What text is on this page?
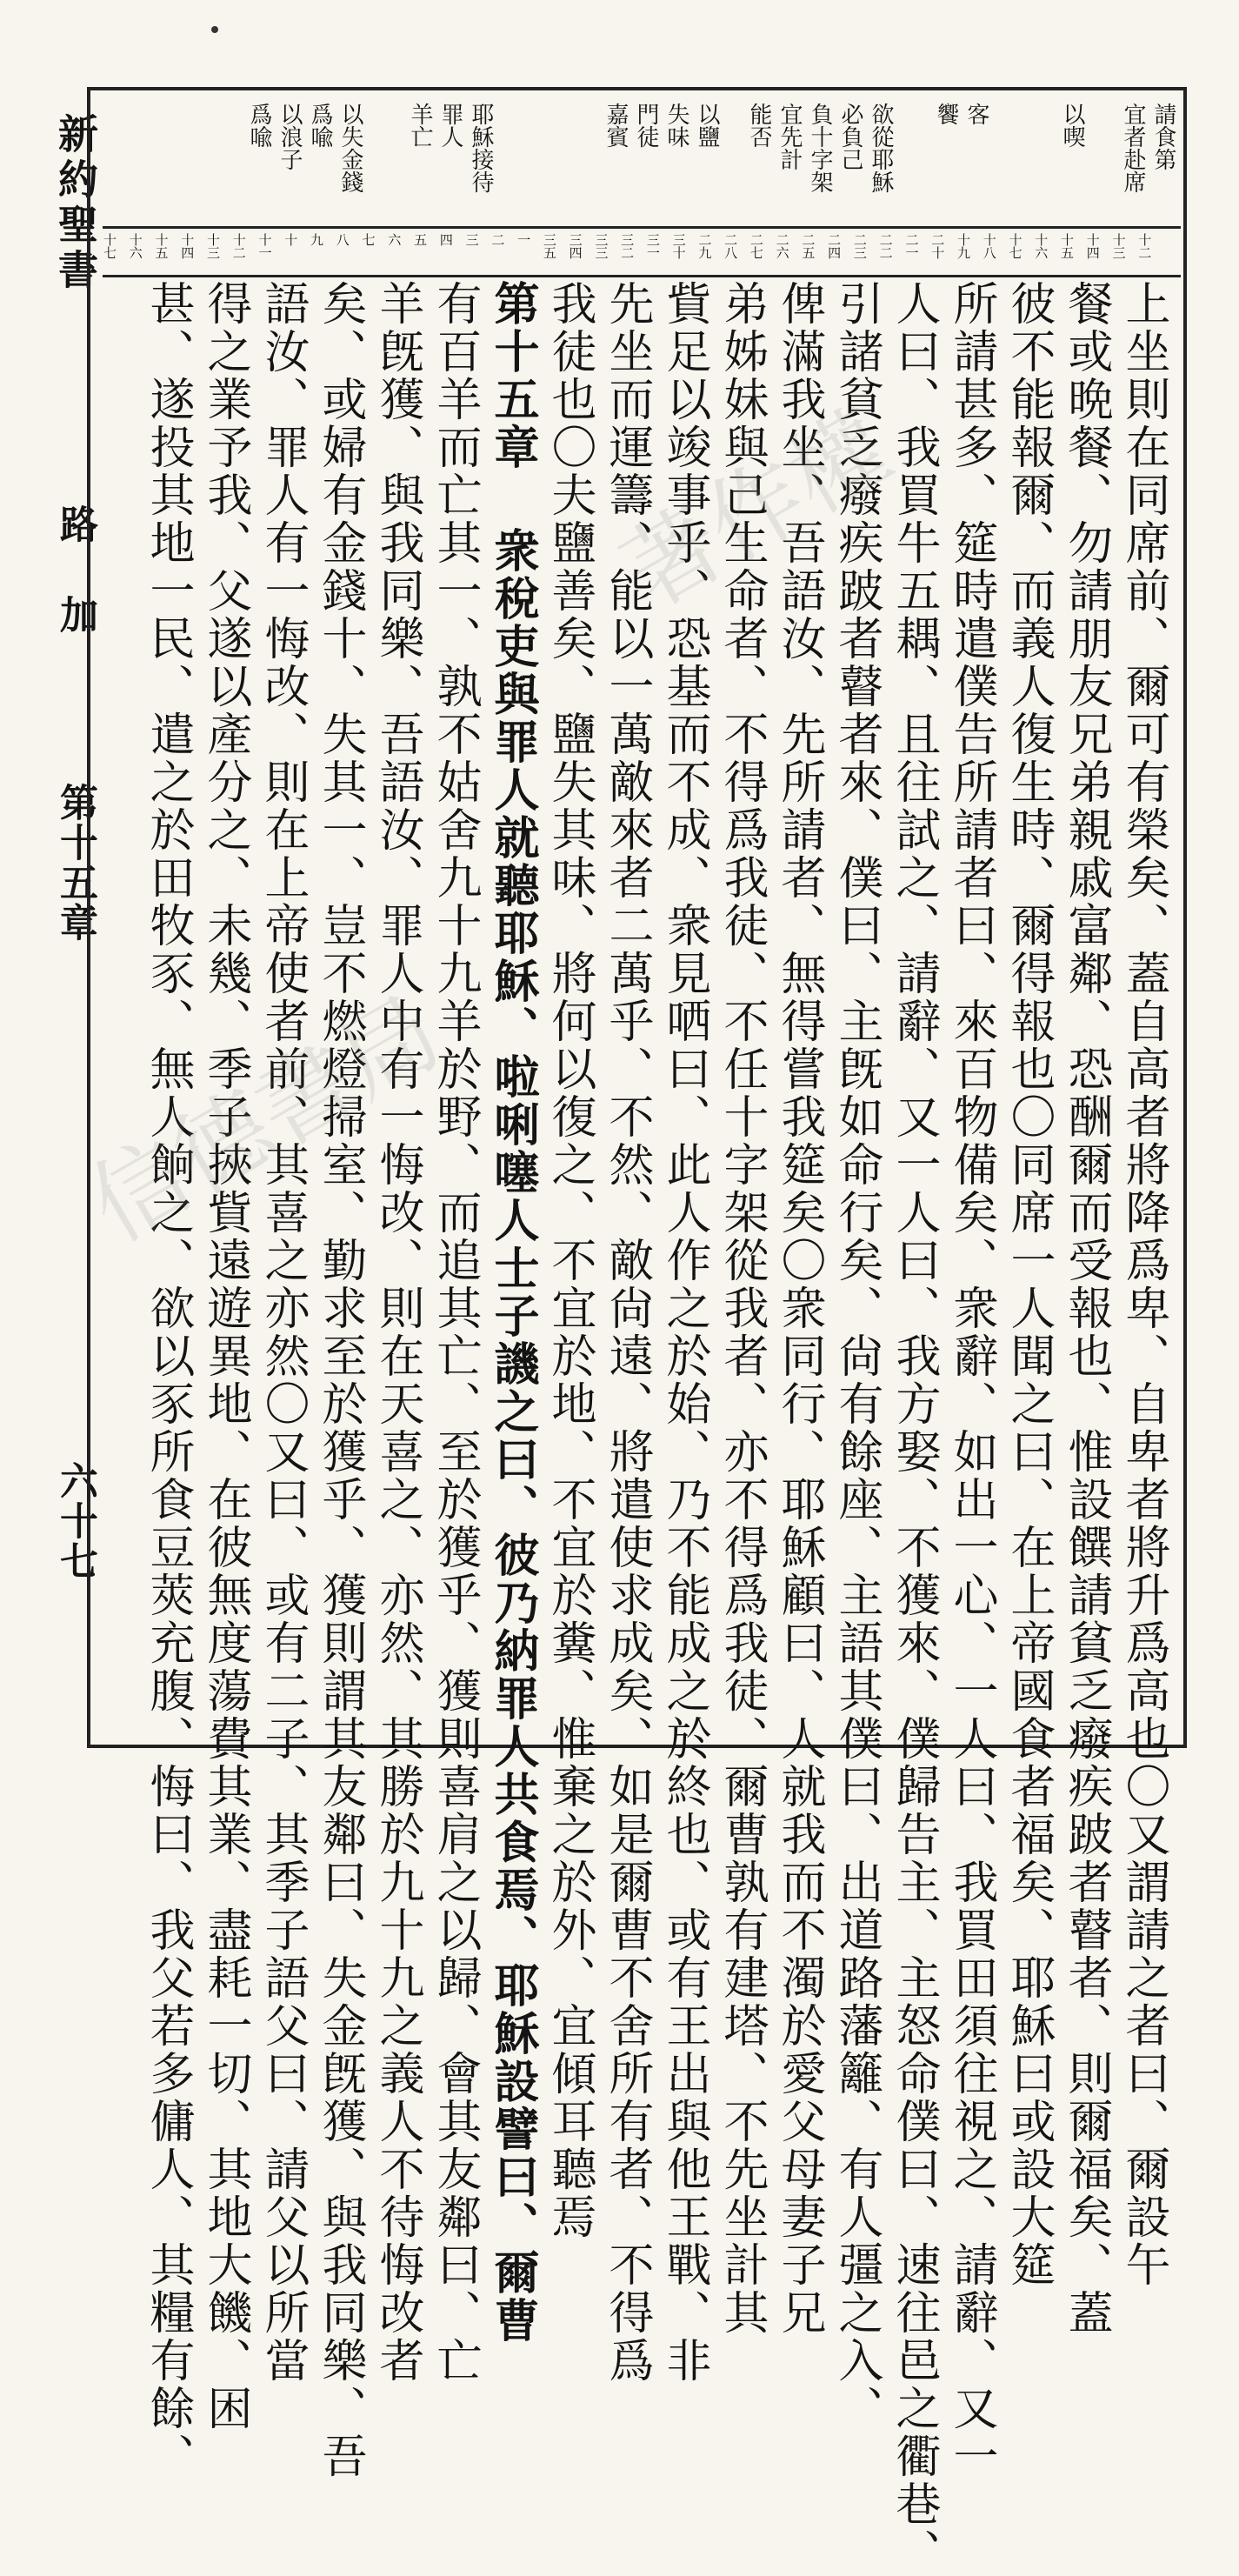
新約聖書
路加
第十五章
六十七
宜者赴席 請食第
以喫
客
饗
欲從耶穌
必負己
負十字架
宜先計
能否
以鹽
失味
門徒
嘉賓
耶穌接待
罪人
羊亡
以失金錢
爲喩
以浪子
爲喩
十二
十三
十四
十五
十六
十七
十八
十九
二十
二一
二二
二三
二四
二五
二六
二七
二八
二九
三十
三一
三二
三三
三四
三五
一
二
三
四
五
六
七
八
九
十
十一
十二
十三
十四
十五
十六
十七
上坐則在同席前、爾可有榮矣、蓋自高者將降爲卑、自卑者將升爲高也〇又謂請之者曰、爾設午
餐或晩餐、勿請朋友兄弟親戚富鄰、恐酬爾而受報也、惟設饌請貧乏癈疾跛者瞽者、則爾福矣、蓋
彼不能報爾、而義人復生時、爾得報也〇同席一人聞之曰、在上帝國食者福矣、耶穌曰或設大筵
所請甚多、筵時遣僕告所請者曰、來百物備矣、衆辭、如出一心、一人曰、我買田須往視之、請辭、又一
人曰、我買牛五耦、且往試之、請辭、又一人曰、我方娶、不獲來、僕歸告主、主怒命僕曰、速往邑之衢巷、
引諸貧乏癈疾跛者瞽者來、僕曰、主旣如命行矣、尙有餘座、主語其僕曰、出道路藩籬、有人彊之入、
俾滿我坐、吾語汝、先所請者、無得嘗我筵矣〇衆同行、耶穌顧曰、人就我而不濁於愛父母妻子兄
弟姊妹與己生命者、不得爲我徒、不任十字架從我者、亦不得爲我徒、爾曹孰有建塔、不先坐計其
貲足以竣事乎、恐基而不成、衆見哂曰、此人作之於始、乃不能成之於終也、或有王出與他王戰、非
先坐而運籌、能以一萬敵來者二萬乎、不然、敵尙遠、將遣使求成矣、如是爾曹不舍所有者、不得爲
我徒也〇夫鹽善矣、鹽失其味、將何以復之、不宜於地、不宜於糞、惟棄之於外、宜傾耳聽焉
第十五章 衆稅吏與罪人就聽耶穌、啦唎噻人士子譏之曰、彼乃納罪人共食焉、耶穌設譬曰、爾曹
有百羊而亡其一、孰不姑舍九十九羊於野、而追其亡、至於獲乎、獲則喜肩之以歸、會其友鄰曰、亡
羊旣獲、與我同樂、吾語汝、罪人中有一悔改、則在天喜之、亦然、其勝於九十九之義人不待悔改者
矣、或婦有金錢十、失其一、豈不燃燈掃室、勤求至於獲乎、獲則謂其友鄰曰、失金旣獲、與我同樂、吾
語汝、罪人有一悔改、則在上帝使者前、其喜之亦然〇又曰、或有二子、其季子語父曰、請父以所當
得之業予我、父遂以產分之、未幾、季子挾貲遠遊異地、在彼無度蕩費其業、盡耗一切、其地大饑、困
甚、遂投其地一民、遣之於田牧豕、無人餉之、欲以豕所食豆莢充腹、悔曰、我父若多傭人、其糧有餘、
信德書局
著作權
